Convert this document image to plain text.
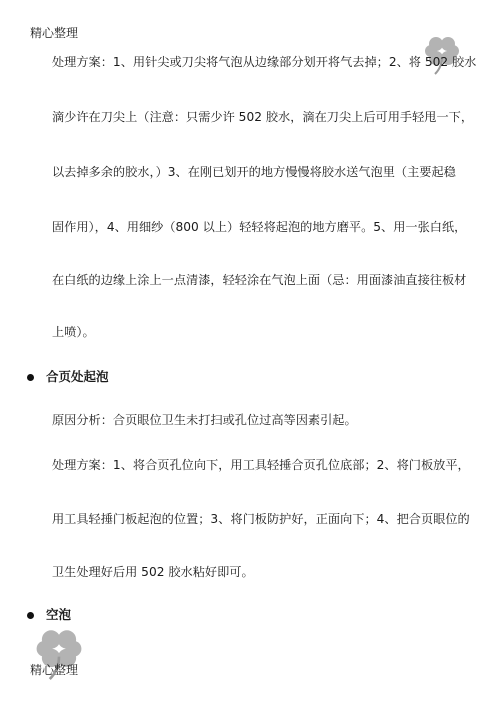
精心整理
处理方案：1、用针尖或刀尖将气泡从边缘部分划开将气去掉；2、将 502 胶水
滴少许在刀尖上（注意：只需少许 502 胶水，滴在刀尖上后可用手轻甩一下，
以去掉多余的胶水，）3、在刚已划开的地方慢慢将胶水送气泡里（主要起稳
固作用），4、用细纱（800 以上）轻轻将起泡的地方磨平。5、用一张白纸，
在白纸的边缘上涂上一点清漆，轻轻涂在气泡上面（忌：用面漆油直接往板材
上喷）。
合页处起泡
原因分析：合页眼位卫生未打扫或孔位过高等因素引起。
处理方案：1、将合页孔位向下，用工具轻捶合页孔位底部；2、将门板放平，
用工具轻捶门板起泡的位置；3、将门板防护好，正面向下；4、把合页眼位的
卫生处理好后用 502 胶水粘好即可。
空泡
精心整理
